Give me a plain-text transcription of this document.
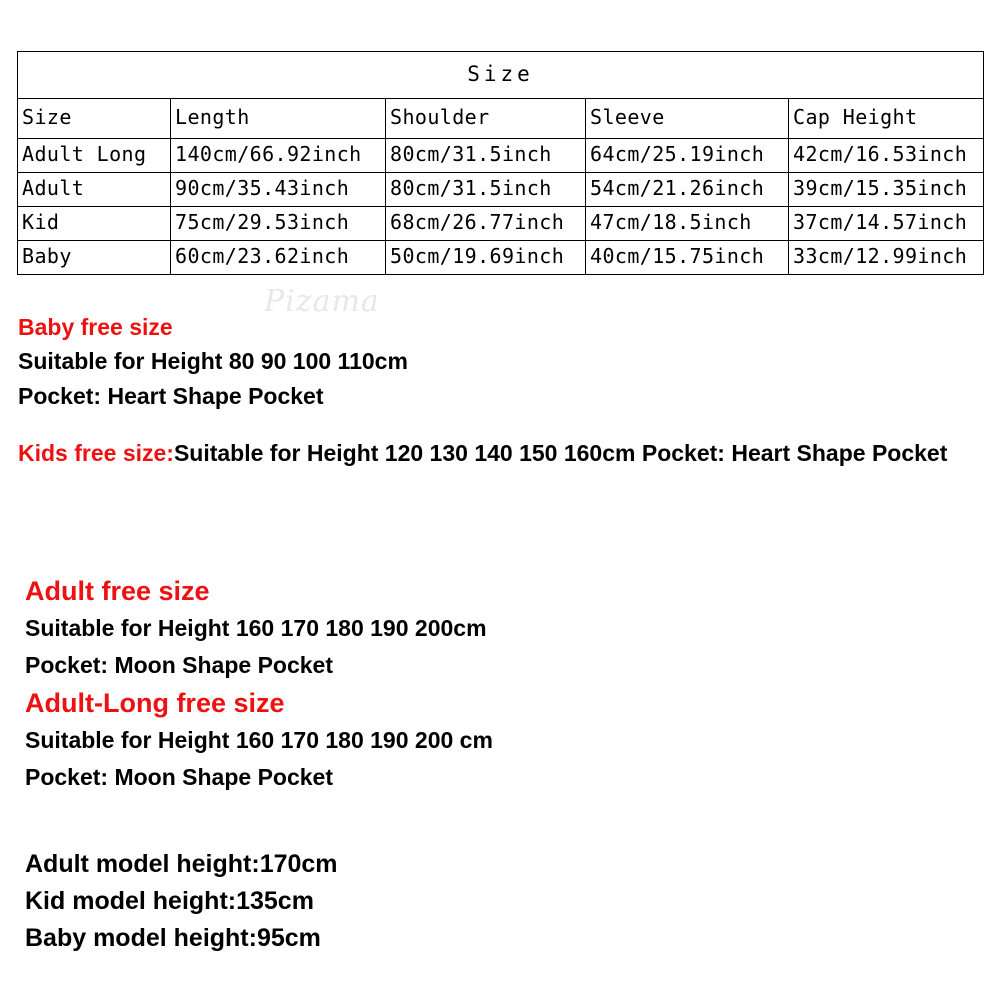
Size				
Size	Length	Shoulder	Sleeve	Cap Height
Adult Long	140cm/66.92inch	80cm/31.5inch	64cm/25.19inch	42cm/16.53inch
Adult	90cm/35.43inch	80cm/31.5inch	54cm/21.26inch	39cm/15.35inch
Kid	75cm/29.53inch	68cm/26.77inch	47cm/18.5inch	37cm/14.57inch
Baby	60cm/23.62inch	50cm/19.69inch	40cm/15.75inch	33cm/12.99inch
Pizama
Baby free size
Suitable for Height 80 90 100 110cm
Pocket: Heart Shape Pocket
Kids free size:Suitable for Height 120 130 140 150 160cm Pocket: Heart Shape Pocket
Adult free size
Suitable for Height 160 170 180 190 200cm
Pocket: Moon Shape Pocket
Adult-Long free size
Suitable for Height 160 170 180 190 200 cm
Pocket: Moon Shape Pocket
Adult model height:170cm
Kid model height:135cm
Baby model height:95cm
